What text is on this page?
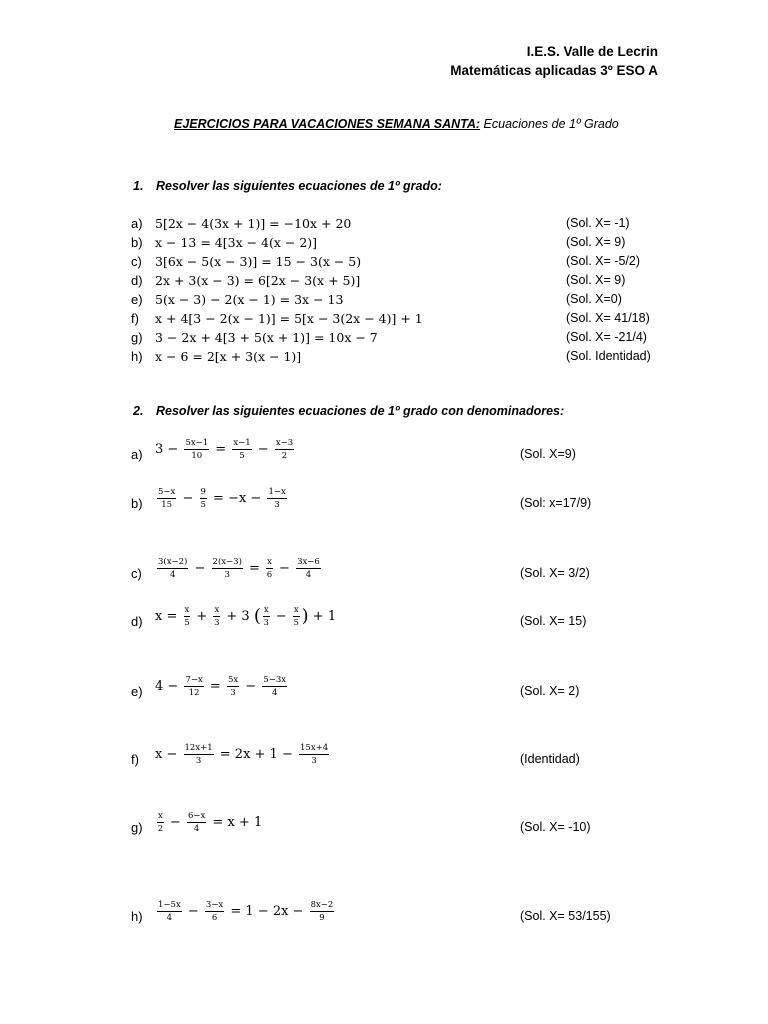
I.E.S. Valle de Lecrin
Matemáticas aplicadas 3º ESO A
EJERCICIOS PARA VACACIONES SEMANA SANTA: Ecuaciones de 1º Grado
1. Resolver las siguientes ecuaciones de 1º grado:
a) 5[2x − 4(3x + 1)] = −10x + 20	(Sol. X= -1)
b) x − 13 = 4[3x − 4(x − 2)]	(Sol. X= 9)
c)	3[6x − 5(x − 3)] = 15 − 3(x − 5)	(Sol. X= -5/2)
d) 2x + 3(x − 3) = 6[2x − 3(x + 5)]	(Sol. X= 9)
e) 5(x − 3) − 2(x − 1) = 3x − 13	(Sol. X=0)
f)	x + 4[3 − 2(x − 1)] = 5[x − 3(2x − 4)] + 1	(Sol. X= 41/18)
g) 3 − 2x + 4[3 + 5(x + 1)] = 10x − 7	(Sol. X= -21/4)
h) x − 6 = 2[x + 3(x − 1)]	(Sol. Identidad)
2. Resolver las siguientes ecuaciones de 1º grado con denominadores:
a) $3 - \frac{5x-1}{10} = \frac{x-1}{5} - \frac{x-3}{2}$	(Sol. X=9)
b)	$\frac{5-x}{15} - \frac{9}{5} = -x - \frac{1-x}{3}$	(Sol: x=17/9)
c)	$\frac{3(x-2)}{4} - \frac{2(x-3)}{3} = \frac{x}{6} - \frac{3x-6}{4}$	(Sol. X= 3/2)
d) $x = \frac{x}{5} + \frac{x}{3} + 3$ ( $\frac{x}{3} - \frac{x}{5}$ ) + 1	(Sol. X= 15)
e) $4 - \frac{7-x}{12} = \frac{5x}{3} - \frac{5-3x}{4}$	(Sol. X= 2)
f)	$x - \frac{12x+1}{3} = 2x + 1 - \frac{15x+4}{3}$	(Identidad)
g)	$\frac{x}{2} - \frac{6-x}{4} = x + 1$	(Sol. X= -10)
h)	$\frac{1-5x}{4} - \frac{3-x}{6} = 1 - 2x - \frac{8x-2}{9}$	(Sol. X= 53/155)
